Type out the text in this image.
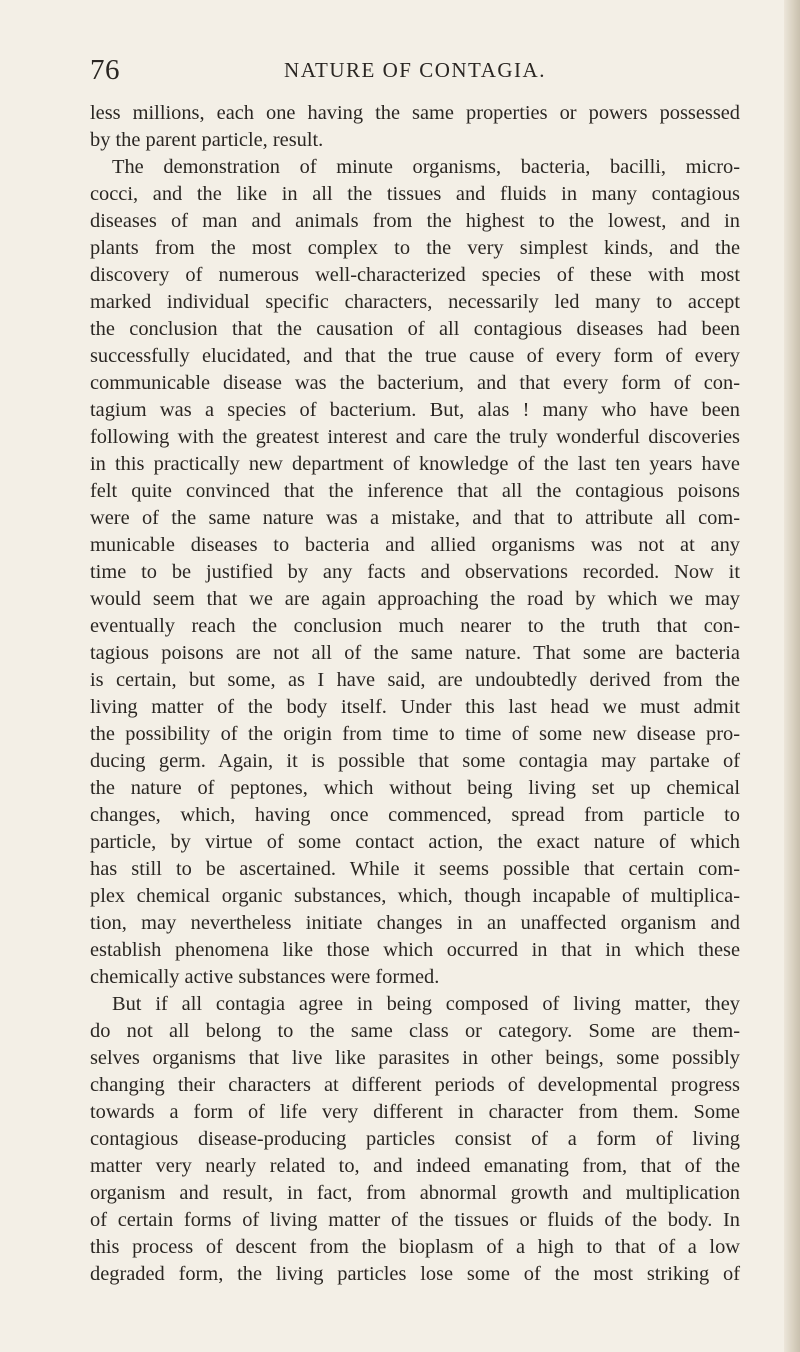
76	NATURE OF CONTAGIA.
less millions, each one having the same properties or powers possessed
by the parent particle, result.
The demonstration of minute organisms, bacteria, bacilli, micro-
cocci, and the like in all the tissues and fluids in many contagious
diseases of man and animals from the highest to the lowest, and in
plants from the most complex to the very simplest kinds, and the
discovery of numerous well-characterized species of these with most
marked individual specific characters, necessarily led many to accept
the conclusion that the causation of all contagious diseases had been
successfully elucidated, and that the true cause of every form of every
communicable disease was the bacterium, and that every form of con-
tagium was a species of bacterium. But, alas ! many who have been
following with the greatest interest and care the truly wonderful discoveries
in this practically new department of knowledge of the last ten years have
felt quite convinced that the inference that all the contagious poisons
were of the same nature was a mistake, and that to attribute all com-
municable diseases to bacteria and allied organisms was not at any
time to be justified by any facts and observations recorded. Now it
would seem that we are again approaching the road by which we may
eventually reach the conclusion much nearer to the truth that con-
tagious poisons are not all of the same nature. That some are bacteria
is certain, but some, as I have said, are undoubtedly derived from the
living matter of the body itself. Under this last head we must admit
the possibility of the origin from time to time of some new disease pro-
ducing germ. Again, it is possible that some contagia may partake of
the nature of peptones, which without being living set up chemical
changes, which, having once commenced, spread from particle to
particle, by virtue of some contact action, the exact nature of which
has still to be ascertained. While it seems possible that certain com-
plex chemical organic substances, which, though incapable of multiplica-
tion, may nevertheless initiate changes in an unaffected organism and
establish phenomena like those which occurred in that in which these
chemically active substances were formed.
But if all contagia agree in being composed of living matter, they
do not all belong to the same class or category. Some are them-
selves organisms that live like parasites in other beings, some possibly
changing their characters at different periods of developmental progress
towards a form of life very different in character from them. Some
contagious disease-producing particles consist of a form of living
matter very nearly related to, and indeed emanating from, that of the
organism and result, in fact, from abnormal growth and multiplication
of certain forms of living matter of the tissues or fluids of the body. In
this process of descent from the bioplasm of a high to that of a low
degraded form, the living particles lose some of the most striking of
